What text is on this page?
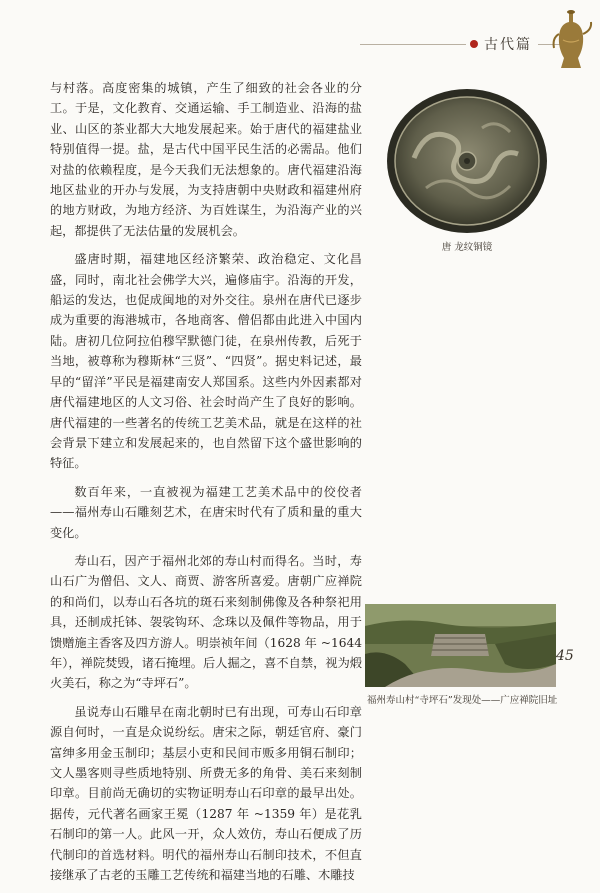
古代篇

与村落。高度密集的城镇，产生了细致的社会各业的分工。于是，文化教育、交通运输、手工制造业、沿海的盐业、山区的茶业都大大地发展起来。始于唐代的福建盐业特别值得一提。盐，是古代中国平民生活的必需品。他们对盐的依赖程度，是今天我们无法想象的。唐代福建沿海地区盐业的开办与发展，为支持唐朝中央财政和福建州府的地方财政，为地方经济、为百姓谋生，为沿海产业的兴起，都提供了无法估量的发展机会。

盛唐时期，福建地区经济繁荣、政治稳定、文化昌盛，同时，南北社会佛学大兴，遍修庙宇。沿海的开发，船运的发达，也促成闽地的对外交往。泉州在唐代已逐步成为重要的海港城市，各地商客、僧侣都由此进入中国内陆。唐初几位阿拉伯穆罕默德门徒，在泉州传教，后死于当地，被尊称为穆斯林“三贤”、“四贤”。据史料记述，最早的“留洋”平民是福建南安人郑国系。这些内外因素都对唐代福建地区的人文习俗、社会时尚产生了良好的影响。唐代福建的一些著名的传统工艺美术品，就是在这样的社会背景下建立和发展起来的，也自然留下这个盛世影响的特征。

数百年来，一直被视为福建工艺美术品中的佼佼者——福州寿山石雕刻艺术，在唐宋时代有了质和量的重大变化。

寿山石，因产于福州北郊的寿山村而得名。当时，寿山石广为僧侣、文人、商贾、游客所喜爱。唐朝广应禅院的和尚们，以寿山石各坑的斑石来刻制佛像及各种祭祀用具，还制成托钵、袈裟钩环、念珠以及佩件等物品，用于馈赠施主香客及四方游人。明崇祯年间（1628 年 ~1644 年），禅院焚毁，诸石掩埋。后人掘之，喜不自禁，视为煅火美石，称之为“寺坪石”。

虽说寿山石雕早在南北朝时已有出现，可寿山石印章源自何时，一直是众说纷纭。唐宋之际，朝廷官府、豪门富绅多用金玉制印；基层小吏和民间市贩多用铜石制印；文人墨客则寻些质地特别、所费无多的角骨、美石来刻制印章。目前尚无确切的实物证明寿山石印章的最早出处。据传，元代著名画家王冕（1287 年 ~1359 年）是花乳石制印的第一人。此风一开，众人效仿，寿山石便成了历代制印的首选材料。明代的福州寿山石制印技术，不但直接继承了古老的玉雕工艺传统和福建当地的石雕、木雕技

唐 龙纹铜镜
福州寿山村“寺坪石”发现处——广应禅院旧址
45
